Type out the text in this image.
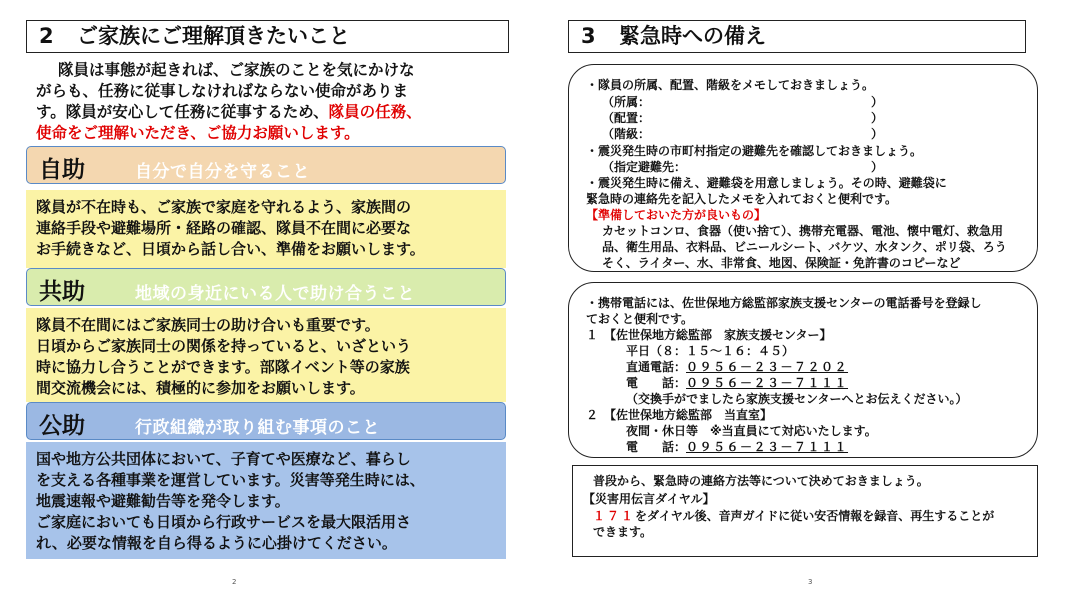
2 ご家族にご理解頂きたいこと
隊員は事態が起きれば、ご家族のことを気にかけな
がらも、任務に従事しなければならない使命がありま
す。隊員が安心して任務に従事するため、隊員の任務、
使命をご理解いただき、ご協力お願いします。
自助	自分で自分を守ること
隊員が不在時も、ご家族で家庭を守れるよう、家族間の
連絡手段や避難場所・経路の確認、隊員不在間に必要な
お手続きなど、日頃から話し合い、準備をお願いします。
共助	地域の身近にいる人で助け合うこと
隊員不在間にはご家族同士の助け合いも重要です。
日頃からご家族同士の関係を持っていると、いざという
時に協力し合うことができます。部隊イベント等の家族
間交流機会には、積極的に参加をお願いします。
公助	行政組織が取り組む事項のこと
国や地方公共団体において、子育てや医療など、暮らし
を支える各種事業を運営しています。災害等発生時には、
地震速報や避難勧告等を発令します。
ご家庭においても日頃から行政サービスを最大限活用さ
れ、必要な情報を自ら得るように心掛けてください。
2
3 緊急時への備え
・隊員の所属、配置、階級をメモしておきましょう。
（所属：	）
（配置：	）
（階級：	）
・震災発生時の市町村指定の避難先を確認しておきましょう。
（指定避難先：	）
・震災発生時に備え、避難袋を用意しましょう。その時、避難袋に
緊急時の連絡先を記入したメモを入れておくと便利です。
【準備しておいた方が良いもの】
カセットコンロ、食器（使い捨て）、携帯充電器、電池、懐中電灯、救急用
品、衛生用品、衣料品、ビニールシート、バケツ、水タンク、ポリ袋、ろう
そく、ライター、水、非常食、地図、保険証・免許書のコピーなど
・携帯電話には、佐世保地方総監部家族支援センターの電話番号を登録し
ておくと便利です。
１　【佐世保地方総監部　家族支援センター】
平日（８：１５～１６：４５）
直通電話：０９５６－２３－７２０２
電　　話：０９５６－２３－７１１１
（交換手がでましたら家族支援センターへとお伝えください。）
２　【佐世保地方総監部　当直室】
夜間・休日等　※当直員にて対応いたします。
電　　話：０９５６－２３－７１１１
普段から、緊急時の連絡方法等について決めておきましょう。
【災害用伝言ダイヤル】
１７１をダイヤル後、音声ガイドに従い安否情報を録音、再生することが
できます。
3
